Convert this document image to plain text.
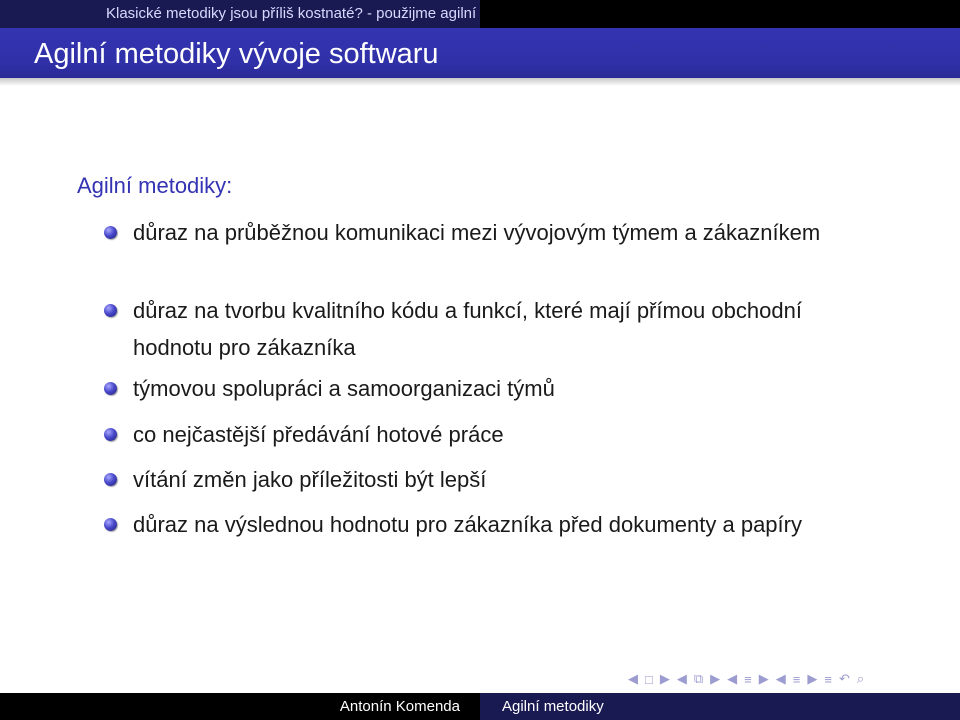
Klasické metodiky jsou příliš kostnaté? - použijme agilní
Agilní metodiky vývoje softwaru
Agilní metodiky:
důraz na průběžnou komunikaci mezi vývojovým týmem a zákazníkem
důraz na tvorbu kvalitního kódu a funkcí, které mají přímou obchodní hodnotu pro zákazníka
týmovou spolupráci a samoorganizaci týmů
co nejčastější předávání hotové práce
vítání změn jako příležitosti být lepší
důraz na výslednou hodnotu pro zákazníka před dokumenty a papíry
◀ □ ▶ ◀ ⧉ ▶ ◀ ≡ ▶ ◀ ≡ ▶ ≡ ↶ ⌕
Antonín Komenda	Agilní metodiky
